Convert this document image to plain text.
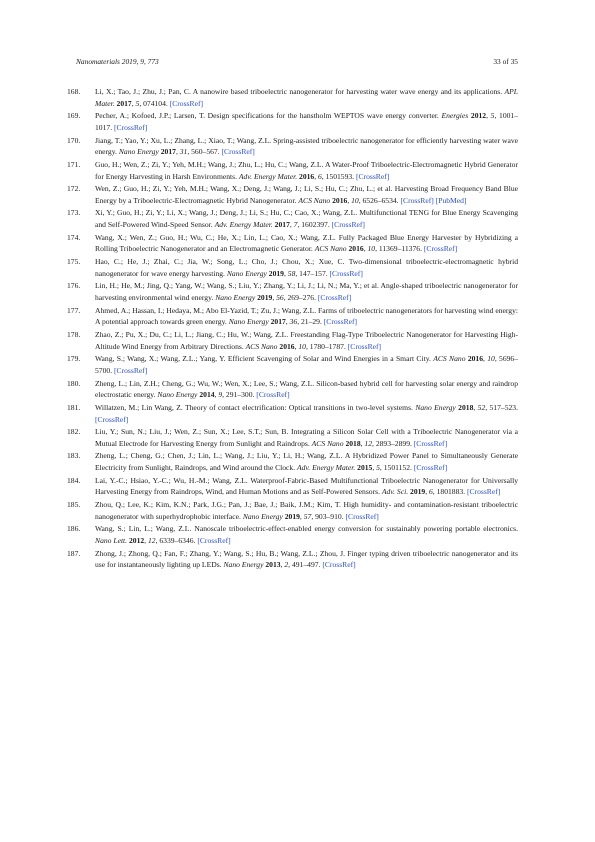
Nanomaterials 2019, 9, 773	33 of 35
168.	Li, X.; Tao, J.; Zhu, J.; Pan, C. A nanowire based triboelectric nanogenerator for harvesting water wave energy and its applications. APL Mater. 2017, 5, 074104. [CrossRef]
169.	Pecher, A.; Kofoed, J.P.; Larsen, T. Design specifications for the hanstholm WEPTOS wave energy converter. Energies 2012, 5, 1001–1017. [CrossRef]
170.	Jiang, T.; Yao, Y.; Xu, L.; Zhang, L.; Xiao, T.; Wang, Z.L. Spring-assisted triboelectric nanogenerator for efficiently harvesting water wave energy. Nano Energy 2017, 31, 560–567. [CrossRef]
171.	Guo, H.; Wen, Z.; Zi, Y.; Yeh, M.H.; Wang, J.; Zhu, L.; Hu, C.; Wang, Z.L. A Water-Proof Triboelectric-Electromagnetic Hybrid Generator for Energy Harvesting in Harsh Environments. Adv. Energy Mater. 2016, 6, 1501593. [CrossRef]
172.	Wen, Z.; Guo, H.; Zi, Y.; Yeh, M.H.; Wang, X.; Deng, J.; Wang, J.; Li, S.; Hu, C.; Zhu, L.; et al. Harvesting Broad Frequency Band Blue Energy by a Triboelectric-Electromagnetic Hybrid Nanogenerator. ACS Nano 2016, 10, 6526–6534. [CrossRef] [PubMed]
173.	Xi, Y.; Guo, H.; Zi, Y.; Li, X.; Wang, J.; Deng, J.; Li, S.; Hu, C.; Cao, X.; Wang, Z.L. Multifunctional TENG for Blue Energy Scavenging and Self-Powered Wind-Speed Sensor. Adv. Energy Mater. 2017, 7, 1602397. [CrossRef]
174.	Wang, X.; Wen, Z.; Guo, H.; Wu, C.; He, X.; Lin, L.; Cao, X.; Wang, Z.L. Fully Packaged Blue Energy Harvester by Hybridizing a Rolling Triboelectric Nanogenerator and an Electromagnetic Generator. ACS Nano 2016, 10, 11369–11376. [CrossRef]
175.	Hao, C.; He, J.; Zhai, C.; Jia, W.; Song, L.; Cho, J.; Chou, X.; Xue, C. Two-dimensional triboelectric-electromagnetic hybrid nanogenerator for wave energy harvesting. Nano Energy 2019, 58, 147–157. [CrossRef]
176.	Lin, H.; He, M.; Jing, Q.; Yang, W.; Wang, S.; Liu, Y.; Zhang, Y.; Li, J.; Li, N.; Ma, Y.; et al. Angle-shaped triboelectric nanogenerator for harvesting environmental wind energy. Nano Energy 2019, 56, 269–276. [CrossRef]
177.	Ahmed, A.; Hassan, I.; Hedaya, M.; Abo El-Yazid, T.; Zu, J.; Wang, Z.L. Farms of triboelectric nanogenerators for harvesting wind energy: A potential approach towards green energy. Nano Energy 2017, 36, 21–29. [CrossRef]
178.	Zhao, Z.; Pu, X.; Du, C.; Li, L.; Jiang, C.; Hu, W.; Wang, Z.L. Freestanding Flag-Type Triboelectric Nanogenerator for Harvesting High-Altitude Wind Energy from Arbitrary Directions. ACS Nano 2016, 10, 1780–1787. [CrossRef]
179.	Wang, S.; Wang, X.; Wang, Z.L.; Yang, Y. Efficient Scavenging of Solar and Wind Energies in a Smart City. ACS Nano 2016, 10, 5696–5700. [CrossRef]
180.	Zheng, L.; Lin, Z.H.; Cheng, G.; Wu, W.; Wen, X.; Lee, S.; Wang, Z.L. Silicon-based hybrid cell for harvesting solar energy and raindrop electrostatic energy. Nano Energy 2014, 9, 291–300. [CrossRef]
181.	Willatzen, M.; Lin Wang, Z. Theory of contact electrification: Optical transitions in two-level systems. Nano Energy 2018, 52, 517–523. [CrossRef]
182.	Liu, Y.; Sun, N.; Liu, J.; Wen, Z.; Sun, X.; Lee, S.T.; Sun, B. Integrating a Silicon Solar Cell with a Triboelectric Nanogenerator via a Mutual Electrode for Harvesting Energy from Sunlight and Raindrops. ACS Nano 2018, 12, 2893–2899. [CrossRef]
183.	Zheng, L.; Cheng, G.; Chen, J.; Lin, L.; Wang, J.; Liu, Y.; Li, H.; Wang, Z.L. A Hybridized Power Panel to Simultaneously Generate Electricity from Sunlight, Raindrops, and Wind around the Clock. Adv. Energy Mater. 2015, 5, 1501152. [CrossRef]
184.	Lai, Y.-C.; Hsiao, Y.-C.; Wu, H.-M.; Wang, Z.L. Waterproof-Fabric-Based Multifunctional Triboelectric Nanogenerator for Universally Harvesting Energy from Raindrops, Wind, and Human Motions and as Self-Powered Sensors. Adv. Sci. 2019, 6, 1801883. [CrossRef]
185.	Zhou, Q.; Lee, K.; Kim, K.N.; Park, J.G.; Pan, J.; Bae, J.; Baik, J.M.; Kim, T. High humidity- and contamination-resistant triboelectric nanogenerator with superhydrophobic interface. Nano Energy 2019, 57, 903–910. [CrossRef]
186.	Wang, S.; Lin, L.; Wang, Z.L. Nanoscale triboelectric-effect-enabled energy conversion for sustainably powering portable electronics. Nano Lett. 2012, 12, 6339–6346. [CrossRef]
187.	Zhong, J.; Zhong, Q.; Fan, F.; Zhang, Y.; Wang, S.; Hu, B.; Wang, Z.L.; Zhou, J. Finger typing driven triboelectric nanogenerator and its use for instantaneously lighting up LEDs. Nano Energy 2013, 2, 491–497. [CrossRef]
